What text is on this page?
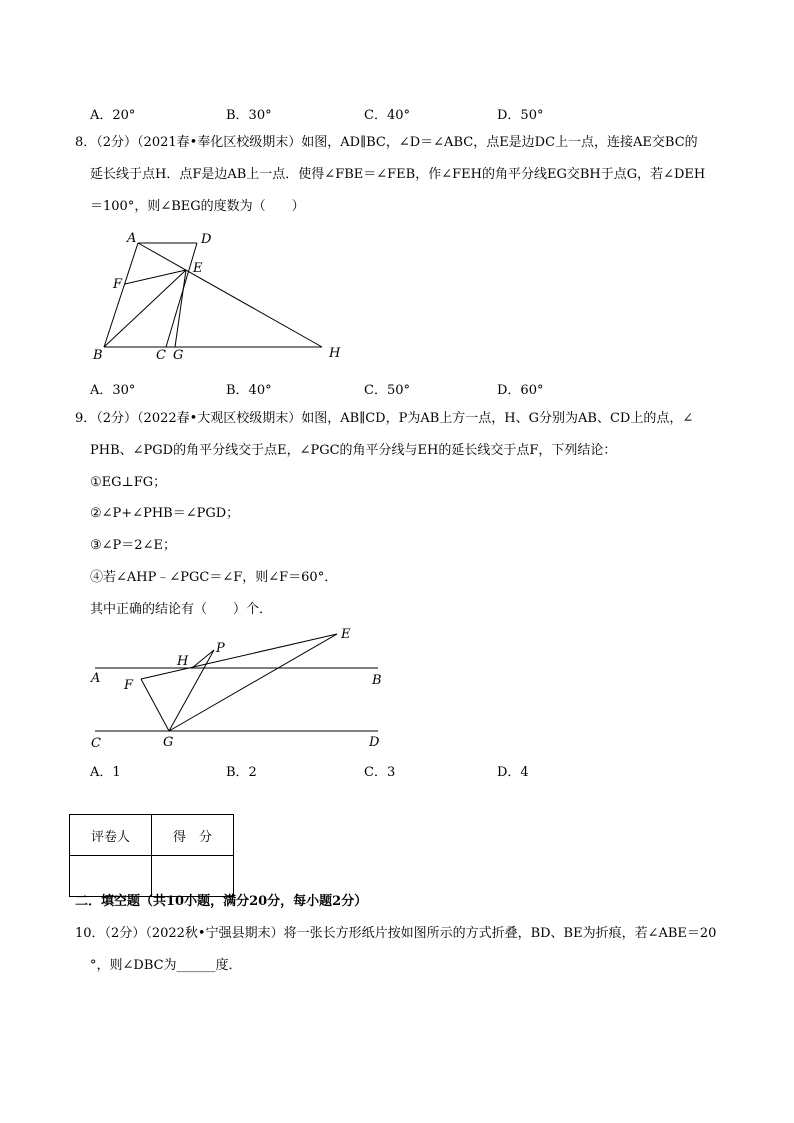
A．20°	B．30°	C．40°	D．50°
8．（2分）（2021春•奉化区校级期末）如图，AD∥BC，∠D＝∠ABC，点E是边DC上一点，连接AE交BC的
延长线于点H．点F是边AB上一点．使得∠FBE＝∠FEB，作∠FEH的角平分线EG交BH于点G，若∠DEH
＝100°，则∠BEG的度数为（　　）
A	D
E
F
B	C G	H
A．30°	B．40°	C．50°	D．60°
9．（2分）（2022春•大观区校级期末）如图，AB∥CD，P为AB上方一点，H、G分别为AB、CD上的点，∠
PHB、∠PGD的角平分线交于点E，∠PGC的角平分线与EH的延长线交于点F，下列结论：
①EG⊥FG；
②∠P+∠PHB＝∠PGD；
③∠P＝2∠E；
④若∠AHP﹣∠PGC＝∠F，则∠F＝60°．
其中正确的结论有（　　）个．
P
E
H
A	B
F
C	G	D
A．1	B．2	C．3	D．4
评卷人	得　分

二．填空题（共10小题，满分20分，每小题2分）
10．（2分）（2022秋•宁强县期末）将一张长方形纸片按如图所示的方式折叠，BD、BE为折痕，若∠ABE＝20
°，则∠DBC为______度．
